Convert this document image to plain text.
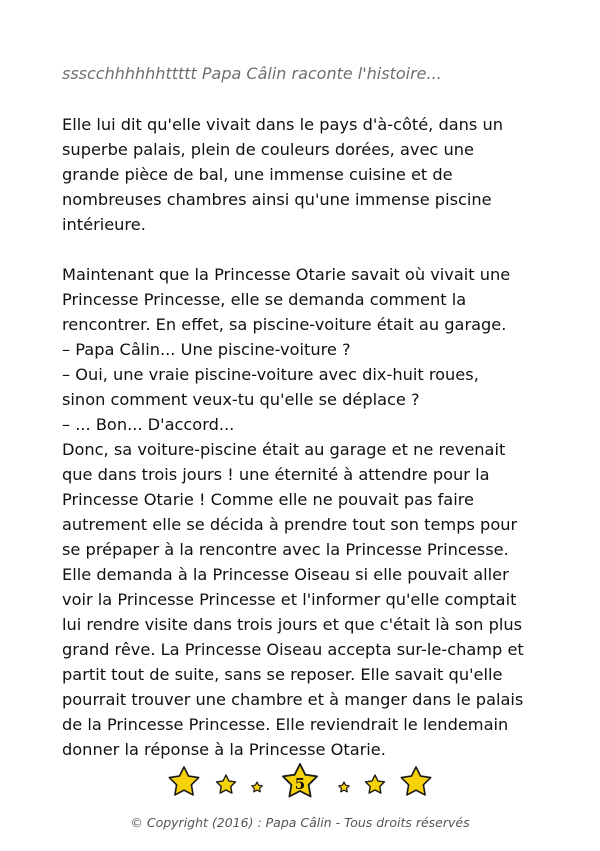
ssscchhhhhhttttt Papa Câlin raconte l'histoire...

Elle lui dit qu'elle vivait dans le pays d'à-côté, dans un
superbe palais, plein de couleurs dorées, avec une
grande pièce de bal, une immense cuisine et de
nombreuses chambres ainsi qu'une immense piscine
intérieure.
Maintenant que la Princesse Otarie savait où vivait une
Princesse Princesse, elle se demanda comment la
rencontrer. En effet, sa piscine-voiture était au garage.
– Papa Câlin... Une piscine-voiture ?
– Oui, une vraie piscine-voiture avec dix-huit roues,
sinon comment veux-tu qu'elle se déplace ?
– ... Bon... D'accord...
Donc, sa voiture-piscine était au garage et ne revenait
que dans trois jours ! une éternité à attendre pour la
Princesse Otarie ! Comme elle ne pouvait pas faire
autrement elle se décida à prendre tout son temps pour
se prépaper à la rencontre avec la Princesse Princesse.
Elle demanda à la Princesse Oiseau si elle pouvait aller
voir la Princesse Princesse et l'informer qu'elle comptait
lui rendre visite dans trois jours et que c'était là son plus
grand rêve. La Princesse Oiseau accepta sur-le-champ et
partit tout de suite, sans se reposer. Elle savait qu'elle
pourrait trouver une chambre et à manger dans le palais
de la Princesse Princesse. Elle reviendrait le lendemain
donner la réponse à la Princesse Otarie.
5
© Copyright (2016) : Papa Câlin - Tous droits réservés
